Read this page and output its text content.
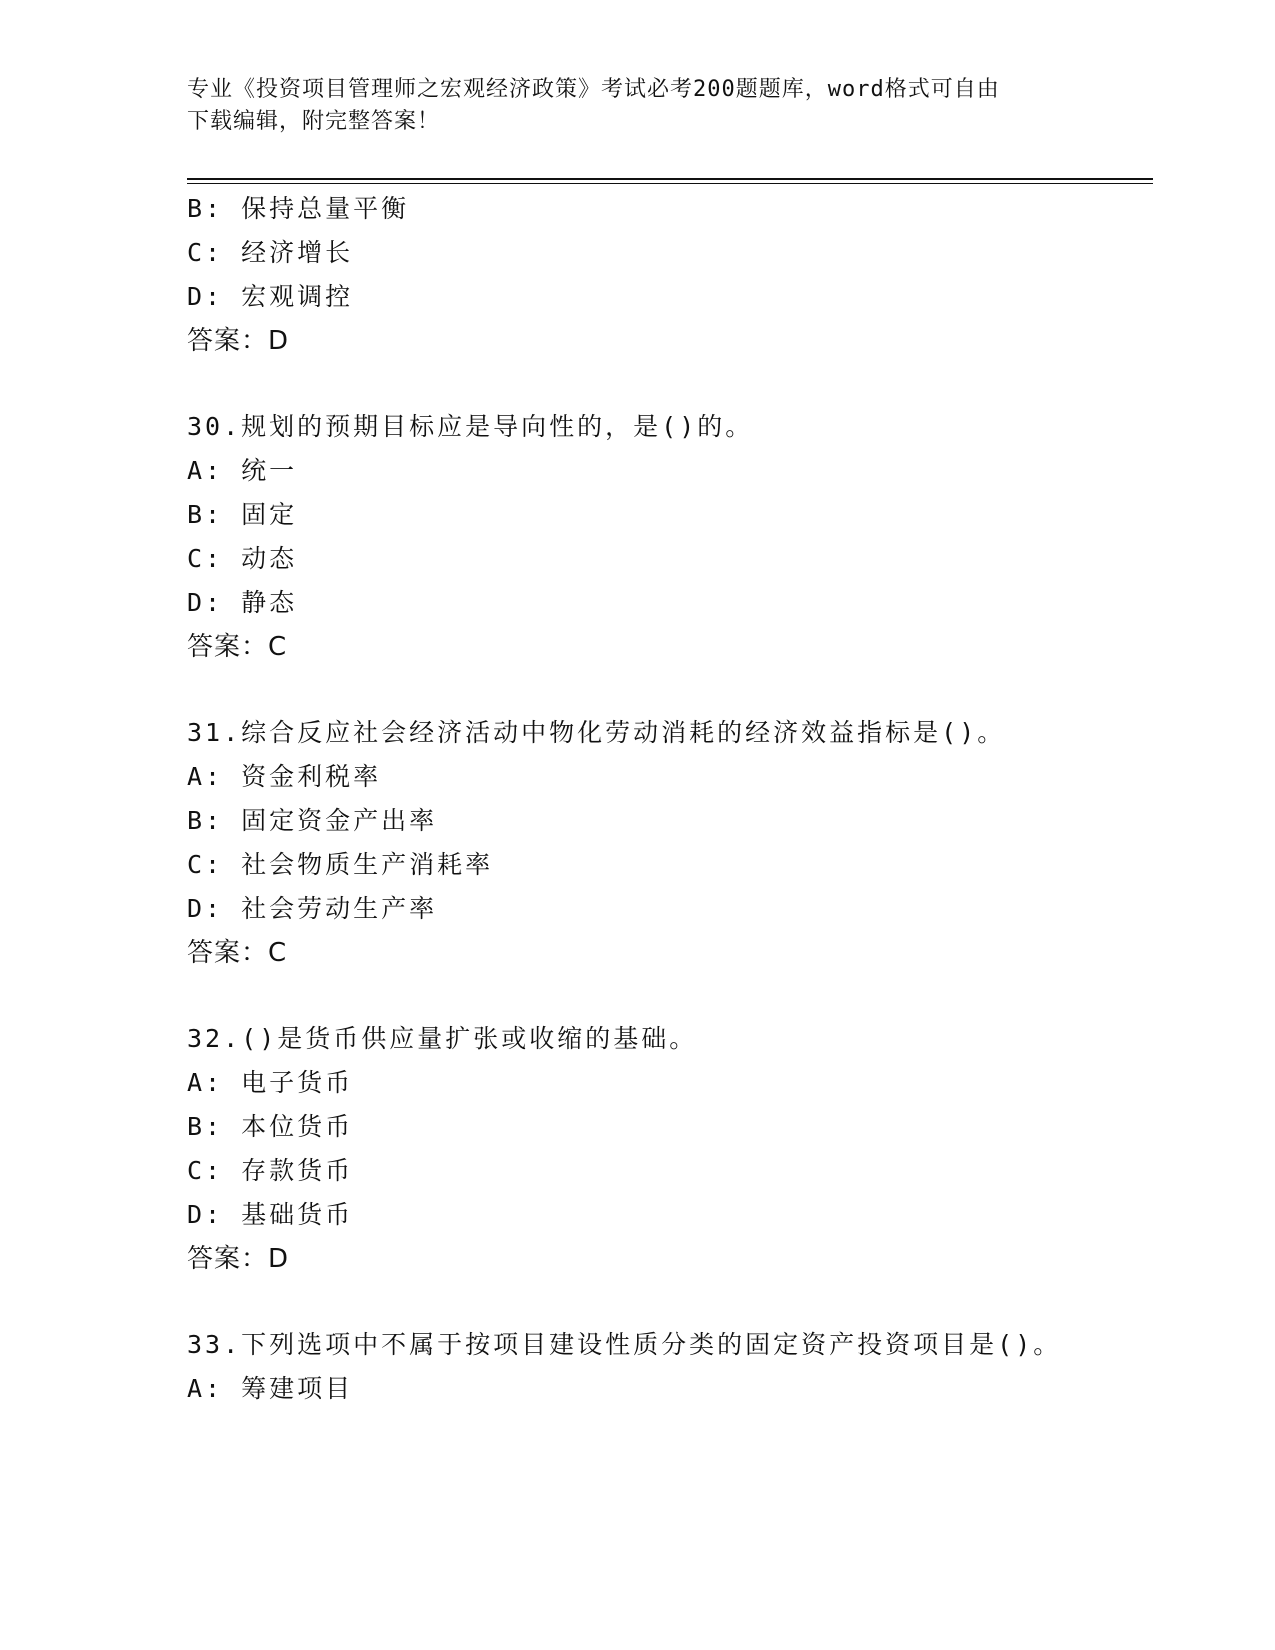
专业《投资项目管理师之宏观经济政策》考试必考200题题库，word格式可自由
下载编辑，附完整答案！
B: 保持总量平衡
C: 经济增长
D: 宏观调控
答案：D
30.规划的预期目标应是导向性的，是()的。
A: 统一
B: 固定
C: 动态
D: 静态
答案：C
31.综合反应社会经济活动中物化劳动消耗的经济效益指标是()。
A: 资金利税率
B: 固定资金产出率
C: 社会物质生产消耗率
D: 社会劳动生产率
答案：C
32.()是货币供应量扩张或收缩的基础。
A: 电子货币
B: 本位货币
C: 存款货币
D: 基础货币
答案：D
33.下列选项中不属于按项目建设性质分类的固定资产投资项目是()。
A: 筹建项目
